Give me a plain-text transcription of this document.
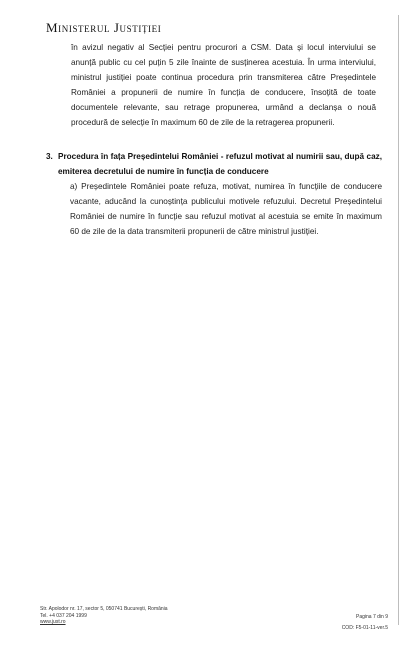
Ministerul Justiției
în avizul negativ al Secției pentru procurori a CSM. Data și locul interviului se anunță public cu cel puțin 5 zile înainte de susținerea acestuia. În urma interviului, ministrul justiției poate continua procedura prin transmiterea către Președintele României a propunerii de numire în funcția de conducere, însoțită de toate documentele relevante, sau retrage propunerea, urmând a declanșa o nouă procedură de selecție în maximum 60 de zile de la retragerea propunerii.
3. Procedura în fața Președintelui României - refuzul motivat al numirii sau, după caz, emiterea decretului de numire în funcția de conducere
a) Președintele României poate refuza, motivat, numirea în funcțiile de conducere vacante, aducând la cunoștința publicului motivele refuzului. Decretul Președintelui României de numire în funcție sau refuzul motivat al acestuia se emite în maximum 60 de zile de la data transmiterii propunerii de către ministrul justiției.
Str. Apolodor nr. 17, sector 5, 050741 București, România
Tel. +4 037 204 1999
www.just.ro
Pagina 7 din 9
COD: F5-01-11-ver.5
